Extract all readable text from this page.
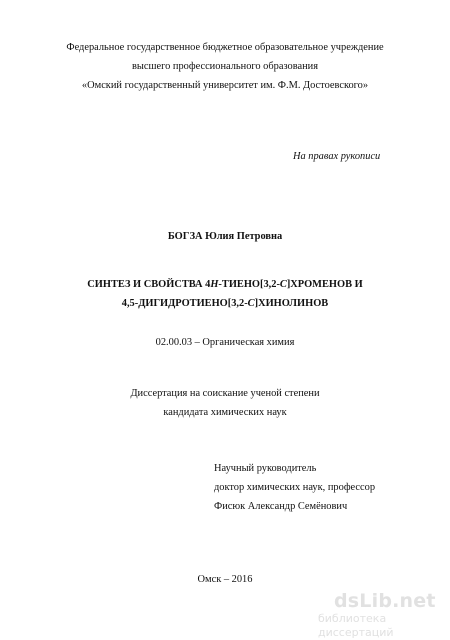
Федеральное государственное бюджетное образовательное учреждение
высшего профессионального образования
«Омский государственный университет им. Ф.М. Достоевского»
На правах рукописи
БОГЗА Юлия Петровна
СИНТЕЗ И СВОЙСТВА 4Н-ТИЕНО[3,2-C]ХРОМЕНОВ И
4,5-ДИГИДРОТИЕНО[3,2-C]ХИНОЛИНОВ
02.00.03 – Органическая химия
Диссертация на соискание ученой степени
кандидата химических наук
Научный руководитель
доктор химических наук, профессор
Фисюк Александр Семёнович
Омск – 2016
dsLib.net
библиотека диссертаций
